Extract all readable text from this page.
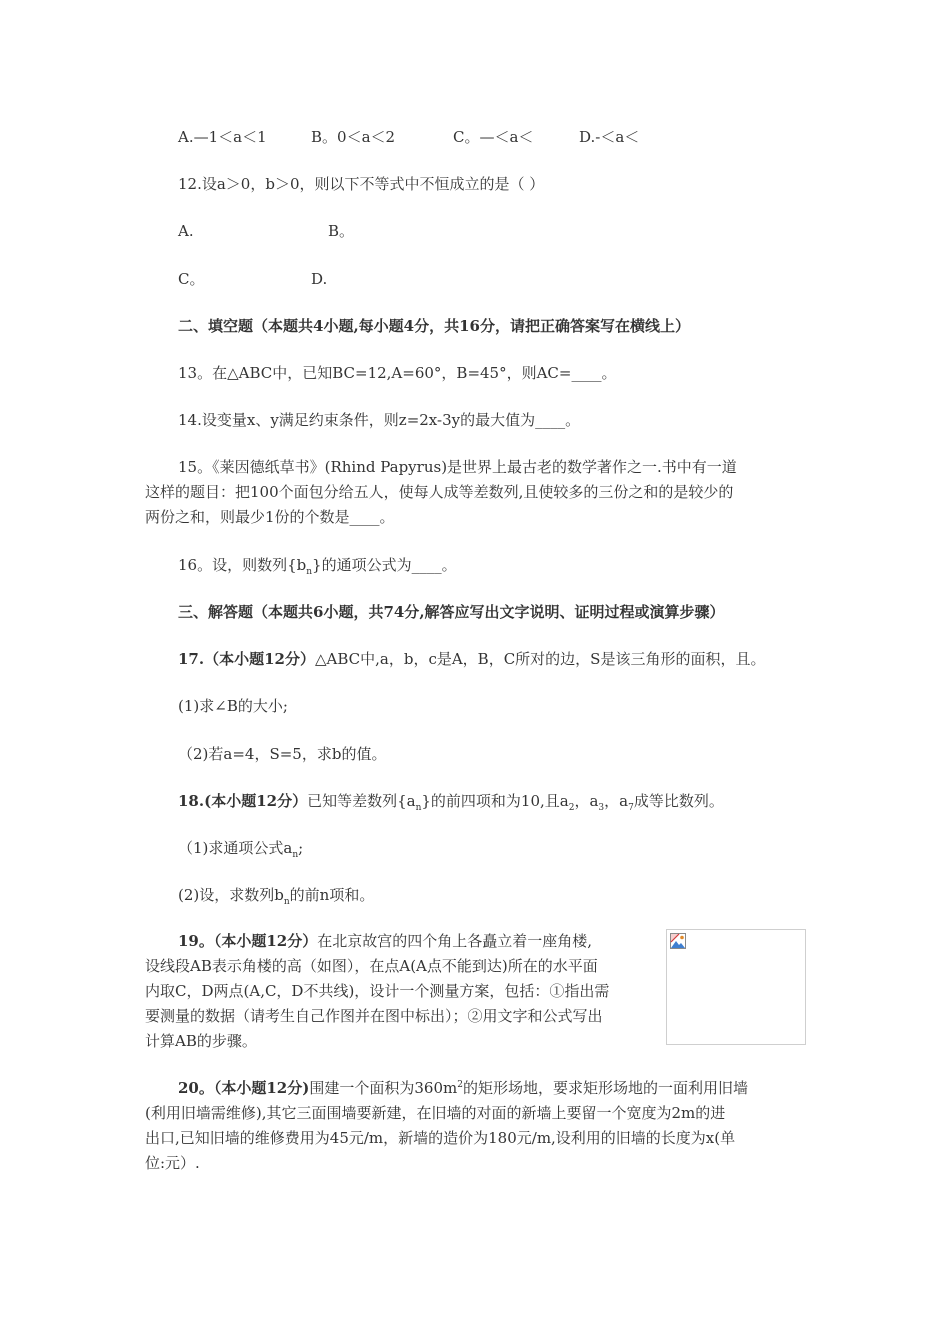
A.—1＜a＜1	B。0＜a＜2	C。—＜a＜	D.-＜a＜
12.设a＞0，b＞0，则以下不等式中不恒成立的是（ ）
A.	B。
C。	D.
二、填空题（本题共4小题,每小题4分，共16分，请把正确答案写在横线上）
13。在△ABC中，已知BC=12,A=60°，B=45°，则AC=____。
14.设变量x、y满足约束条件，则z=2x-3y的最大值为____。
15。《莱因德纸草书》(Rhind Papyrus)是世界上最古老的数学著作之一.书中有一道
这样的题目：把100个面包分给五人，使每人成等差数列,且使较多的三份之和的是较少的
两份之和，则最少1份的个数是____。
16。设，则数列$\{b_n\}$的通项公式为____。
三、解答题（本题共6小题，共74分,解答应写出文字说明、证明过程或演算步骤）
17.（本小题12分）△ABC中,a，b，c是A，B，C所对的边，S是该三角形的面积，且。
(1)求∠B的大小;
（2)若a=4，S=5，求b的值。
18.(本小题12分）已知等差数列$\{a_n\}$的前四项和为10,且$a_2$，$a_3$，$a_7$成等比数列。
（1)求通项公式$a_n$;
(2)设，求数列$b_n$的前n项和。
19。（本小题12分）在北京故宫的四个角上各矗立着一座角楼,
设线段AB表示角楼的高（如图），在点A(A点不能到达)所在的水平面
内取C，D两点(A,C，D不共线)，设计一个测量方案，包括：①指出需
要测量的数据（请考生自己作图并在图中标出）；②用文字和公式写出
计算AB的步骤。
20。（本小题12分)围建一个面积为$360m^2$的矩形场地，要求矩形场地的一面利用旧墙
(利用旧墙需维修),其它三面围墙要新建，在旧墙的对面的新墙上要留一个宽度为2m的进
出口,已知旧墙的维修费用为45元/m，新墙的造价为180元/m,设利用的旧墙的长度为x(单
位:元）.
